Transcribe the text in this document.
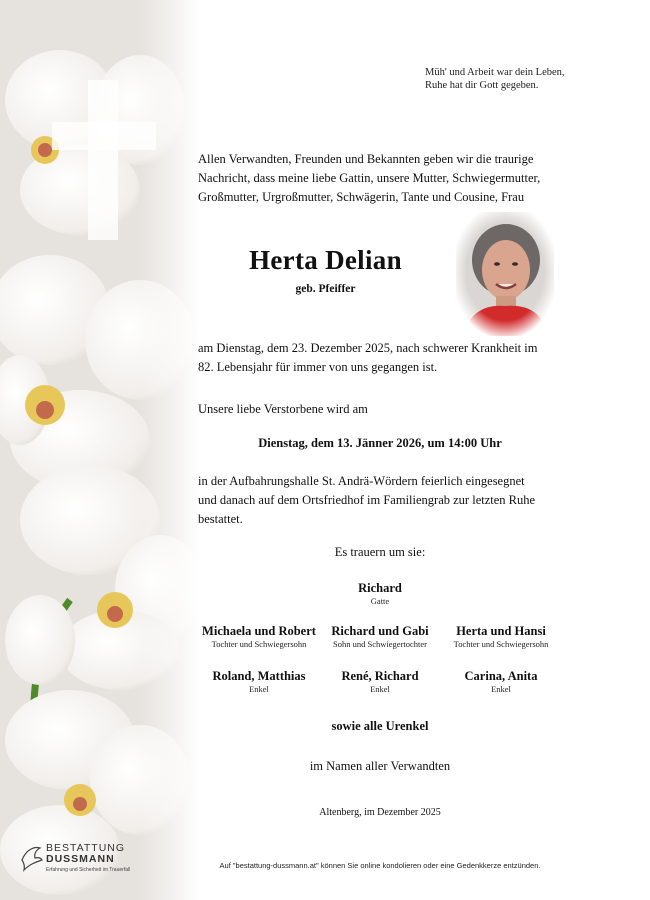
Müh' und Arbeit war dein Leben,
Ruhe hat dir Gott gegeben.
Allen Verwandten, Freunden und Bekannten geben wir die traurige
Nachricht, dass meine liebe Gattin, unsere Mutter, Schwiegermutter,
Großmutter, Urgroßmutter, Schwägerin, Tante und Cousine, Frau
Herta Delian
geb. Pfeiffer
am Dienstag, dem 23. Dezember 2025, nach schwerer Krankheit im
82. Lebensjahr für immer von uns gegangen ist.
Unsere liebe Verstorbene wird am
Dienstag, dem 13. Jänner 2026, um 14:00 Uhr
in der Aufbahrungshalle St. Andrä-Wördern feierlich eingesegnet
und danach auf dem Ortsfriedhof im Familiengrab zur letzten Ruhe
bestattet.
Es trauern um sie:
Richard
Gatte
Michaela und Robert
Tochter und Schwiegersohn
Richard und Gabi
Sohn und Schwiegertochter
Herta und Hansi
Tochter und Schwiegersohn
Roland, Matthias
Enkel
René, Richard
Enkel
Carina, Anita
Enkel
sowie alle Urenkel
im Namen aller Verwandten
Altenberg, im Dezember 2025
Auf "bestattung-dussmann.at" können Sie online kondolieren oder eine Gedenkkerze entzünden.
BESTATTUNG
DUSSMANN
Erfahrung und Sicherheit im Trauerfall
